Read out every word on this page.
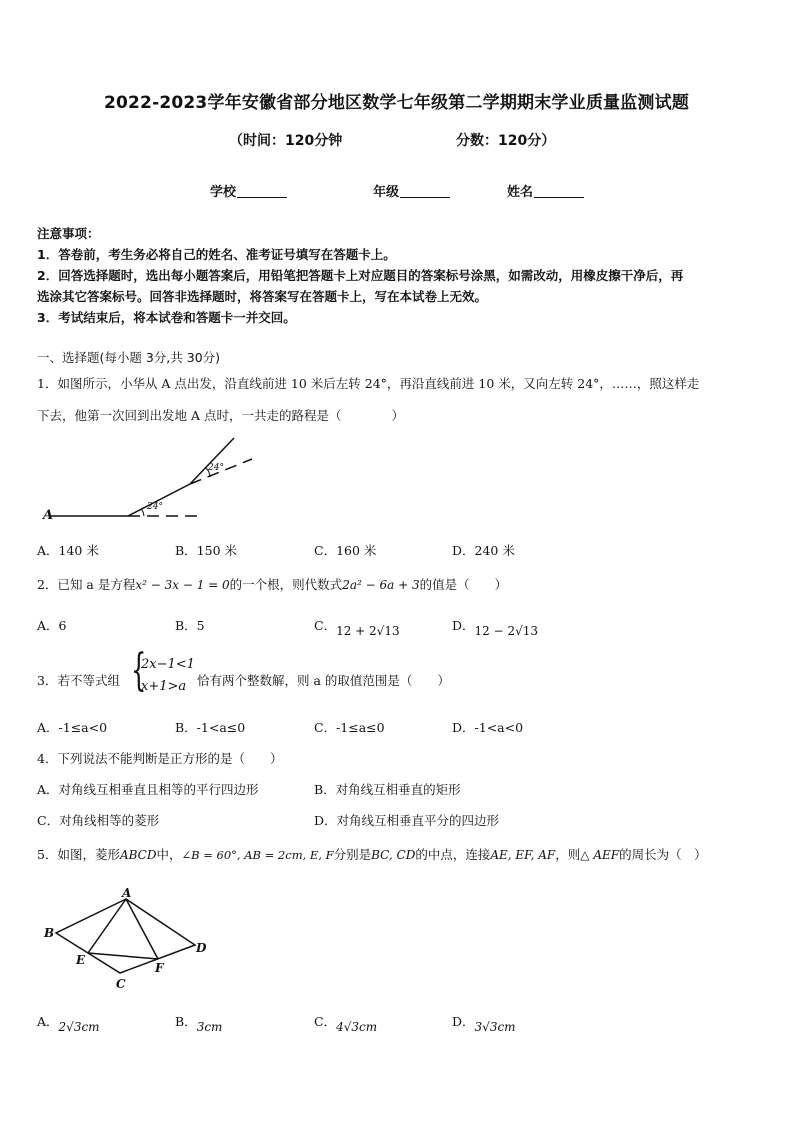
2022-2023学年安徽省部分地区数学七年级第二学期期末学业质量监测试题
（时间：120分钟	分数：120分）
学校	年级	姓名
注意事项：
1．答卷前，考生务必将自己的姓名、准考证号填写在答题卡上。
2．回答选择题时，选出每小题答案后，用铅笔把答题卡上对应题目的答案标号涂黑，如需改动，用橡皮擦干净后，再
选涂其它答案标号。回答非选择题时，将答案写在答题卡上，写在本试卷上无效。
3．考试结束后，将本试卷和答题卡一并交回。
一、选择题(每小题 3分,共 30分)
1．如图所示，小华从 A 点出发，沿直线前进 10 米后左转 24°，再沿直线前进 10 米，又向左转 24°，……，照这样走
下去，他第一次回到出发地 A 点时，一共走的路程是（　　　　）
A
24°
24°
A．140 米	B．150 米	C．160 米	D．240 米
2．已知 a 是方程x² − 3x − 1 = 0的一个根，则代数式2a² − 6a + 3的值是（　　）
A．6	B．5	C．12 + 2√13	D．12 − 2√13
3．若不等式组 {
2x−1<1
x+1>a 恰有两个整数解，则 a 的取值范围是（　　）
A．-1≤a<0	B．-1<a≤0	C．-1≤a≤0	D．-1<a<0
4．下列说法不能判断是正方形的是（　　）
A．对角线互相垂直且相等的平行四边形	B．对角线互相垂直的矩形
C．对角线相等的菱形	D．对角线互相垂直平分的四边形
5．如图，菱形ABCD中，∠B = 60°, AB = 2cm, E, F分别是BC, CD的中点，连接AE, EF, AF，则△ AEF的周长为（　）
A
B
C
D
E
F
A．2√3cm	B．3cm	C．4√3cm	D．3√3cm
